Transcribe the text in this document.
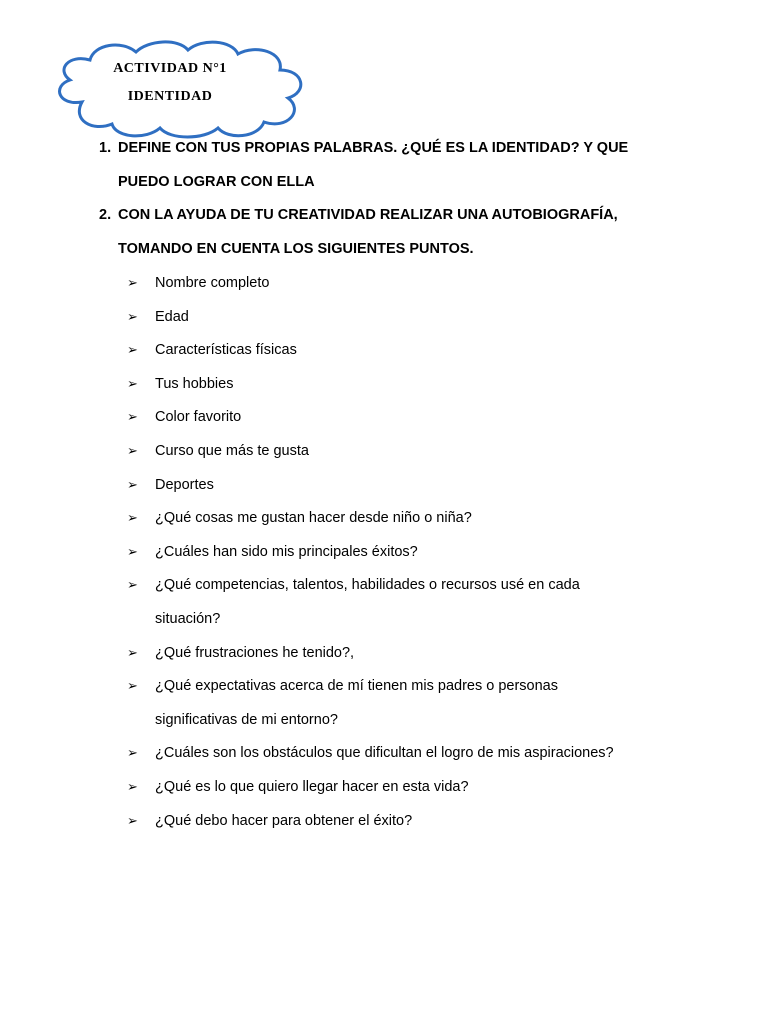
ACTIVIDAD N°1
IDENTIDAD
1. DEFINE CON TUS PROPIAS PALABRAS. ¿QUÉ ES LA IDENTIDAD? Y QUE
PUEDO LOGRAR CON ELLA
2. CON LA AYUDA DE TU CREATIVIDAD REALIZAR UNA AUTOBIOGRAFÍA,
TOMANDO EN CUENTA LOS SIGUIENTES PUNTOS.
➢ Nombre completo
➢ Edad
➢ Características físicas
➢ Tus hobbies
➢ Color favorito
➢ Curso que más te gusta
➢ Deportes
➢ ¿Qué cosas me gustan hacer desde niño o niña?
➢ ¿Cuáles han sido mis principales éxitos?
➢ ¿Qué competencias, talentos, habilidades o recursos usé en cada
situación?
➢ ¿Qué frustraciones he tenido?,
➢ ¿Qué expectativas acerca de mí tienen mis padres o personas
significativas de mi entorno?
➢ ¿Cuáles son los obstáculos que dificultan el logro de mis aspiraciones?
➢ ¿Qué es lo que quiero llegar hacer en esta vida?
➢ ¿Qué debo hacer para obtener el éxito?
